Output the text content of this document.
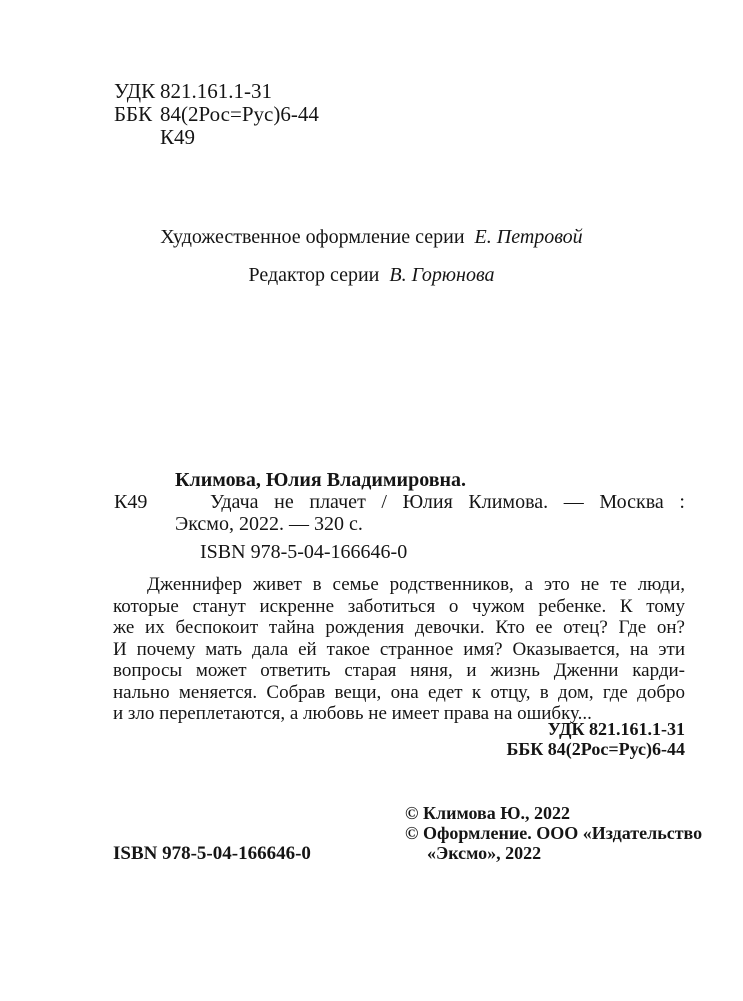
УДК 821.161.1-31
ББК 84(2Рос=Рус)6-44
К49
Художественное оформление серии Е. Петровой
Редактор серии В. Горюнова
К49
Климова, Юлия Владимировна.
Удача не плачет / Юлия Климова. — Москва :
Эксмо, 2022. — 320 с.
ISBN 978-5-04-166646-0
Дженнифер живет в семье родственников, а это не те люди,
которые станут искренне заботиться о чужом ребенке. К тому
же их беспокоит тайна рождения девочки. Кто ее отец? Где он?
И почему мать дала ей такое странное имя? Оказывается, на эти
вопросы может ответить старая няня, и жизнь Дженни карди-
нально меняется. Собрав вещи, она едет к отцу, в дом, где добро
и зло переплетаются, а любовь не имеет права на ошибку...
УДК 821.161.1-31
ББК 84(2Рос=Рус)6-44
© Климова Ю., 2022
© Оформление. ООО «Издательство
«Эксмо», 2022
ISBN 978-5-04-166646-0
